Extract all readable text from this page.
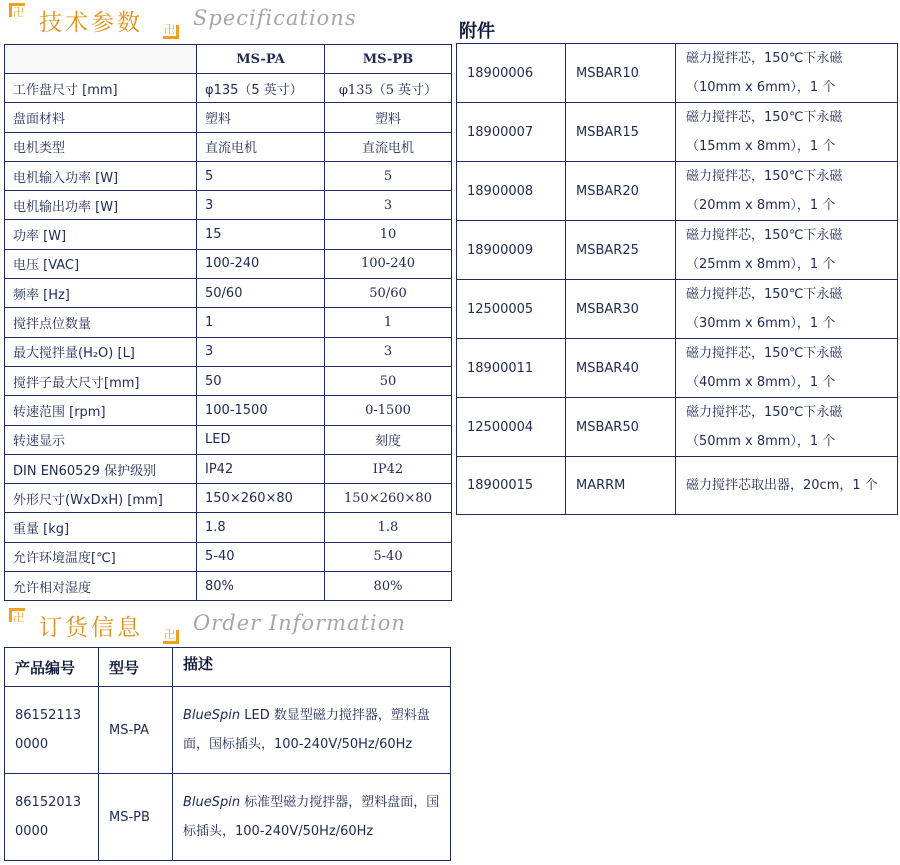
卍 技术参数 卍 Specifications
	MS-PA	MS-PB
工作盘尺寸 [mm]	φ135（5 英寸）	φ135（5 英寸）
盘面材料	塑料	塑料
电机类型	直流电机	直流电机
电机输入功率 [W]	5	5
电机输出功率 [W]	3	3
功率 [W]	15	10
电压 [VAC]	100-240	100-240
频率 [Hz]	50/60	50/60
搅拌点位数量	1	1
最大搅拌量(H₂O) [L]	3	3
搅拌子最大尺寸[mm]	50	50
转速范围 [rpm]	100-1500	0-1500
转速显示	LED	刻度
DIN EN60529 保护级别	IP42	IP42
外形尺寸(WxDxH) [mm]	150×260×80	150×260×80
重量 [kg]	1.8	1.8
允许环境温度[℃]	5-40	5-40
允许相对湿度	80%	80%
附件
18900006	MSBAR10	磁力搅拌芯，150℃下永磁（10mm x 6mm），1 个
18900007	MSBAR15	磁力搅拌芯，150℃下永磁（15mm x 8mm），1 个
18900008	MSBAR20	磁力搅拌芯，150℃下永磁（20mm x 8mm），1 个
18900009	MSBAR25	磁力搅拌芯，150℃下永磁（25mm x 8mm），1 个
12500005	MSBAR30	磁力搅拌芯，150℃下永磁（30mm x 6mm），1 个
18900011	MSBAR40	磁力搅拌芯，150℃下永磁（40mm x 8mm），1 个
12500004	MSBAR50	磁力搅拌芯，150℃下永磁（50mm x 8mm），1 个
18900015	MARRM	磁力搅拌芯取出器，20cm，1 个
卍 订货信息 卍 Order Information
产品编号	型号	描述
86152113 0000	MS-PA	BlueSpin LED 数显型磁力搅拌器，塑料盘面，国标插头，100-240V/50Hz/60Hz
86152013 0000	MS-PB	BlueSpin 标准型磁力搅拌器，塑料盘面，国标插头，100-240V/50Hz/60Hz
